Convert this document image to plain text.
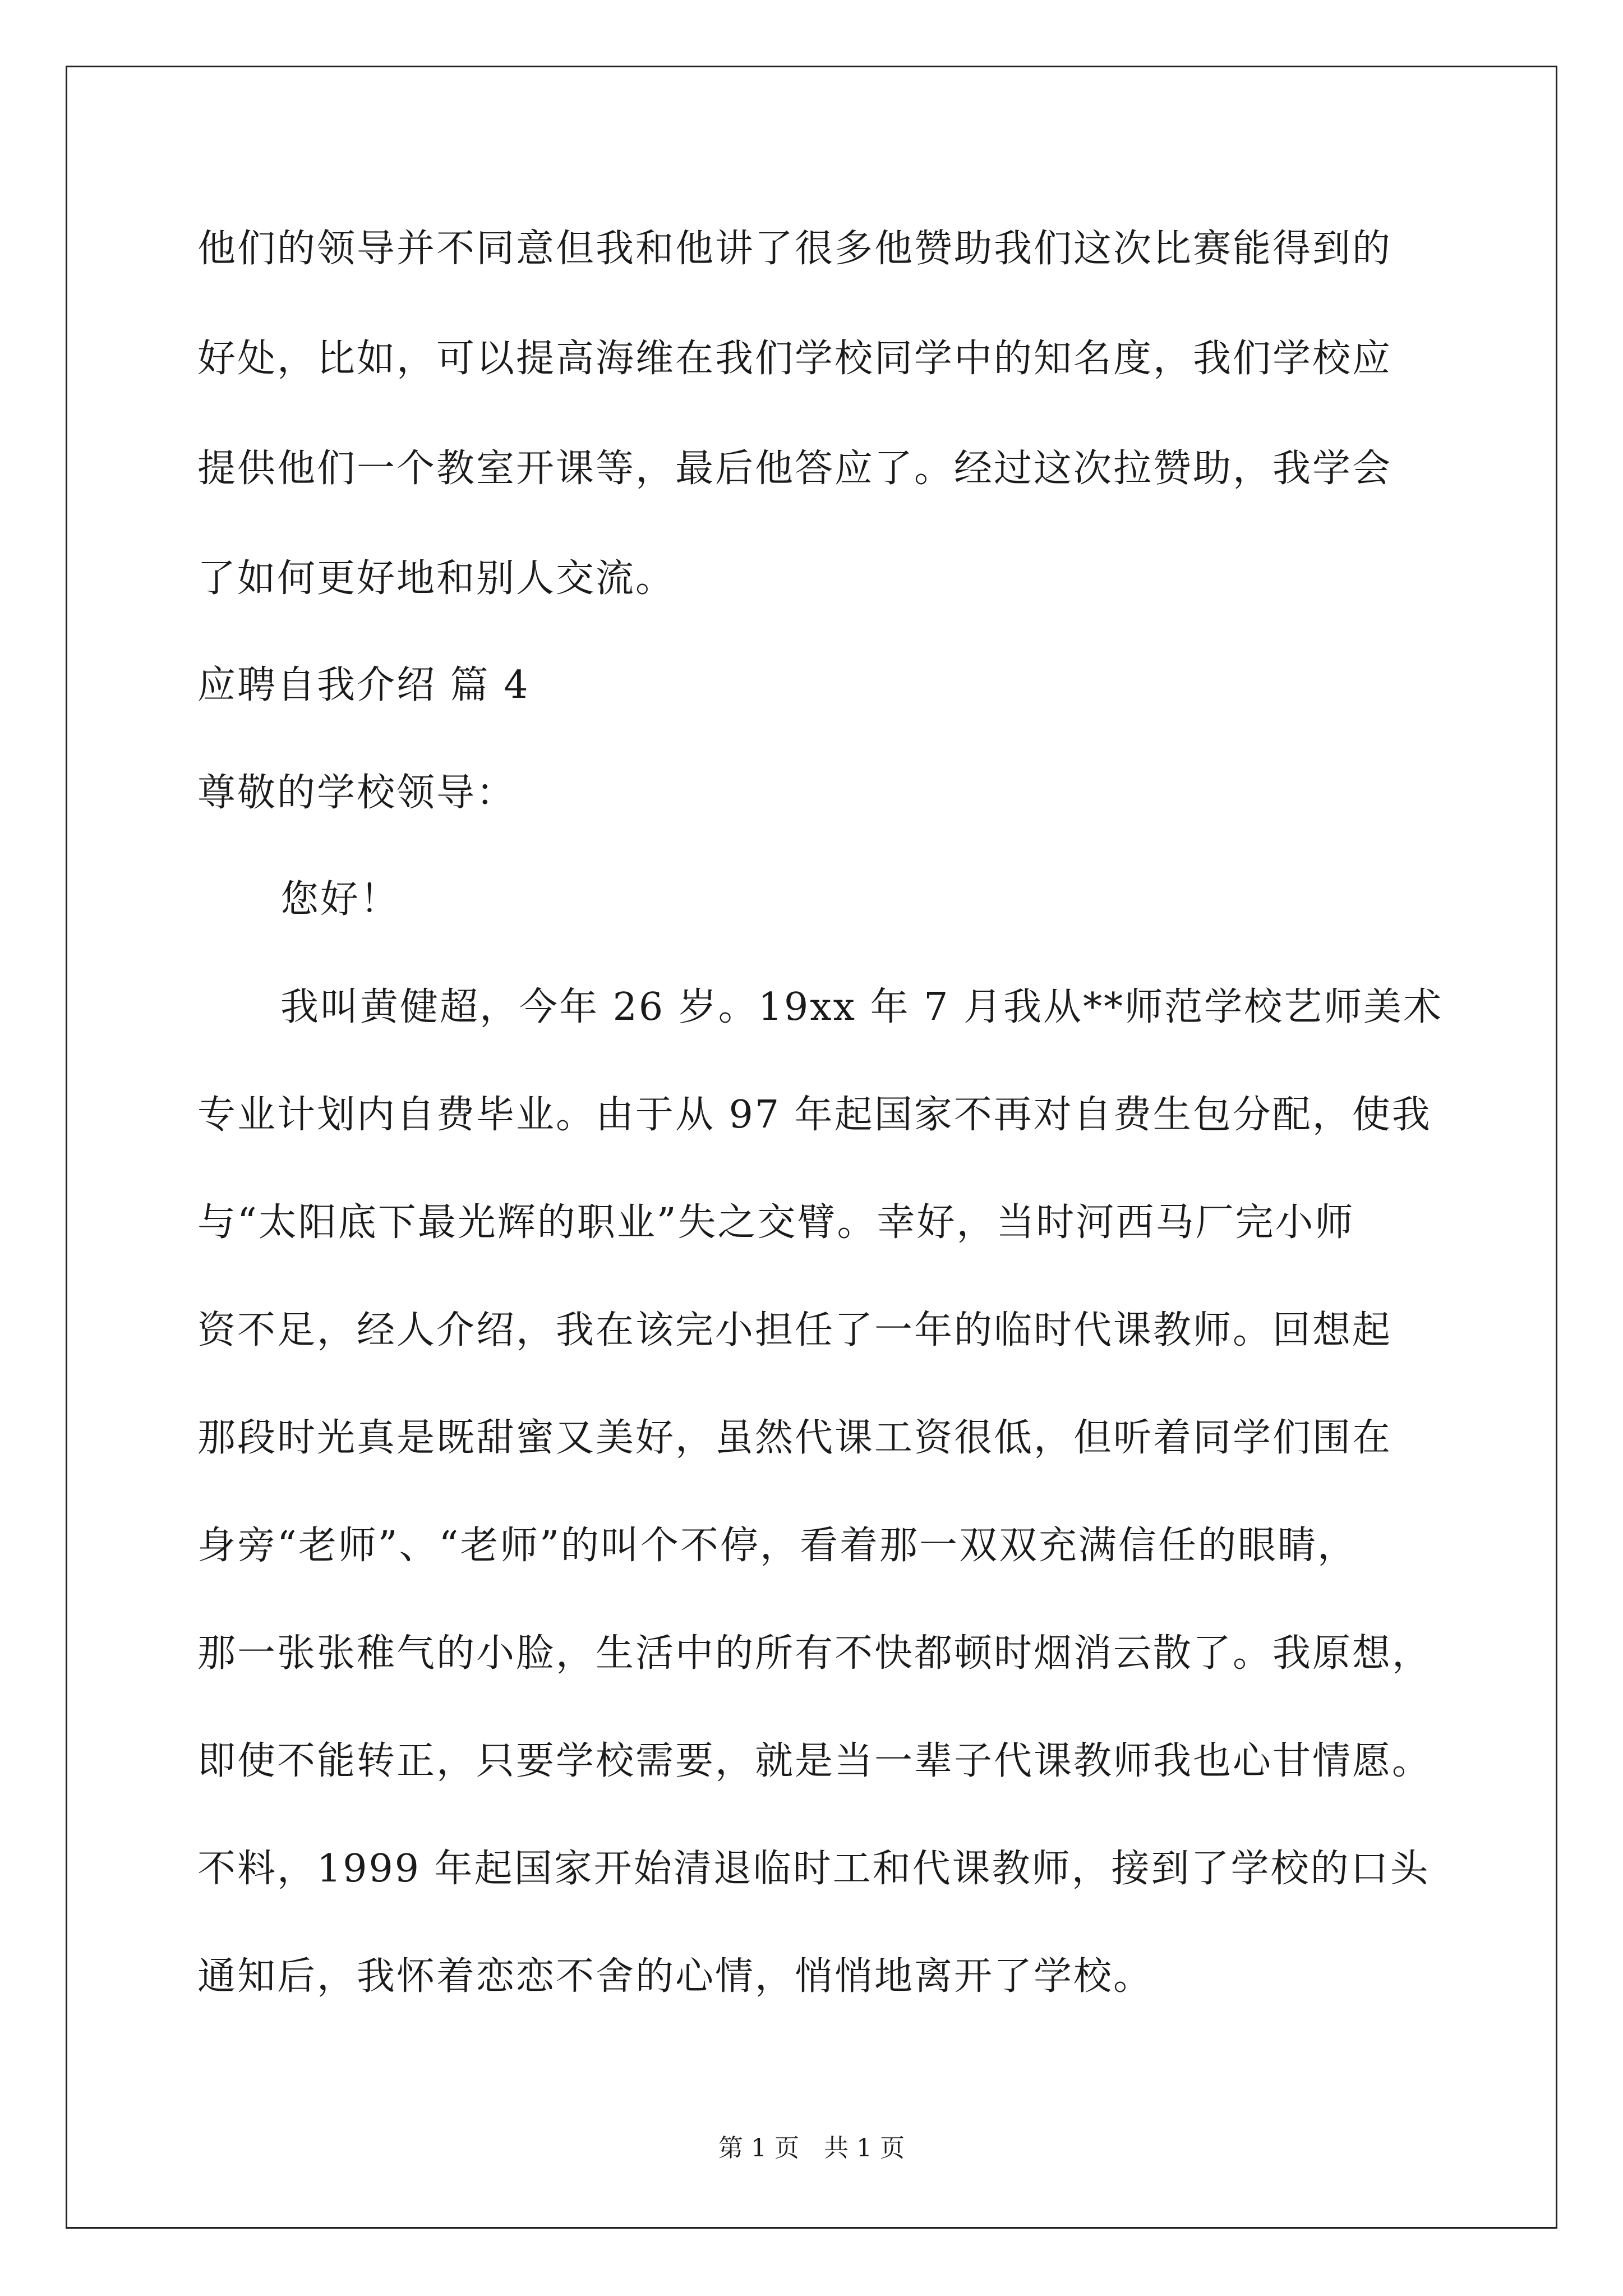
他们的领导并不同意但我和他讲了很多他赞助我们这次比赛能得到的
好处，比如，可以提高海维在我们学校同学中的知名度，我们学校应
提供他们一个教室开课等，最后他答应了。经过这次拉赞助，我学会
了如何更好地和别人交流。
应聘自我介绍 篇 4
尊敬的学校领导：
您好！
我叫黄健超，今年 26 岁。19xx 年 7 月我从**师范学校艺师美术
专业计划内自费毕业。由于从 97 年起国家不再对自费生包分配，使我
与“太阳底下最光辉的职业”失之交臂。幸好，当时河西马厂完小师
资不足，经人介绍，我在该完小担任了一年的临时代课教师。回想起
那段时光真是既甜蜜又美好，虽然代课工资很低，但听着同学们围在
身旁“老师”、“老师”的叫个不停，看着那一双双充满信任的眼睛，
那一张张稚气的小脸，生活中的所有不快都顿时烟消云散了。我原想，
即使不能转正，只要学校需要，就是当一辈子代课教师我也心甘情愿。
不料，1999 年起国家开始清退临时工和代课教师，接到了学校的口头
通知后，我怀着恋恋不舍的心情，悄悄地离开了学校。
第 1 页　共 1 页
